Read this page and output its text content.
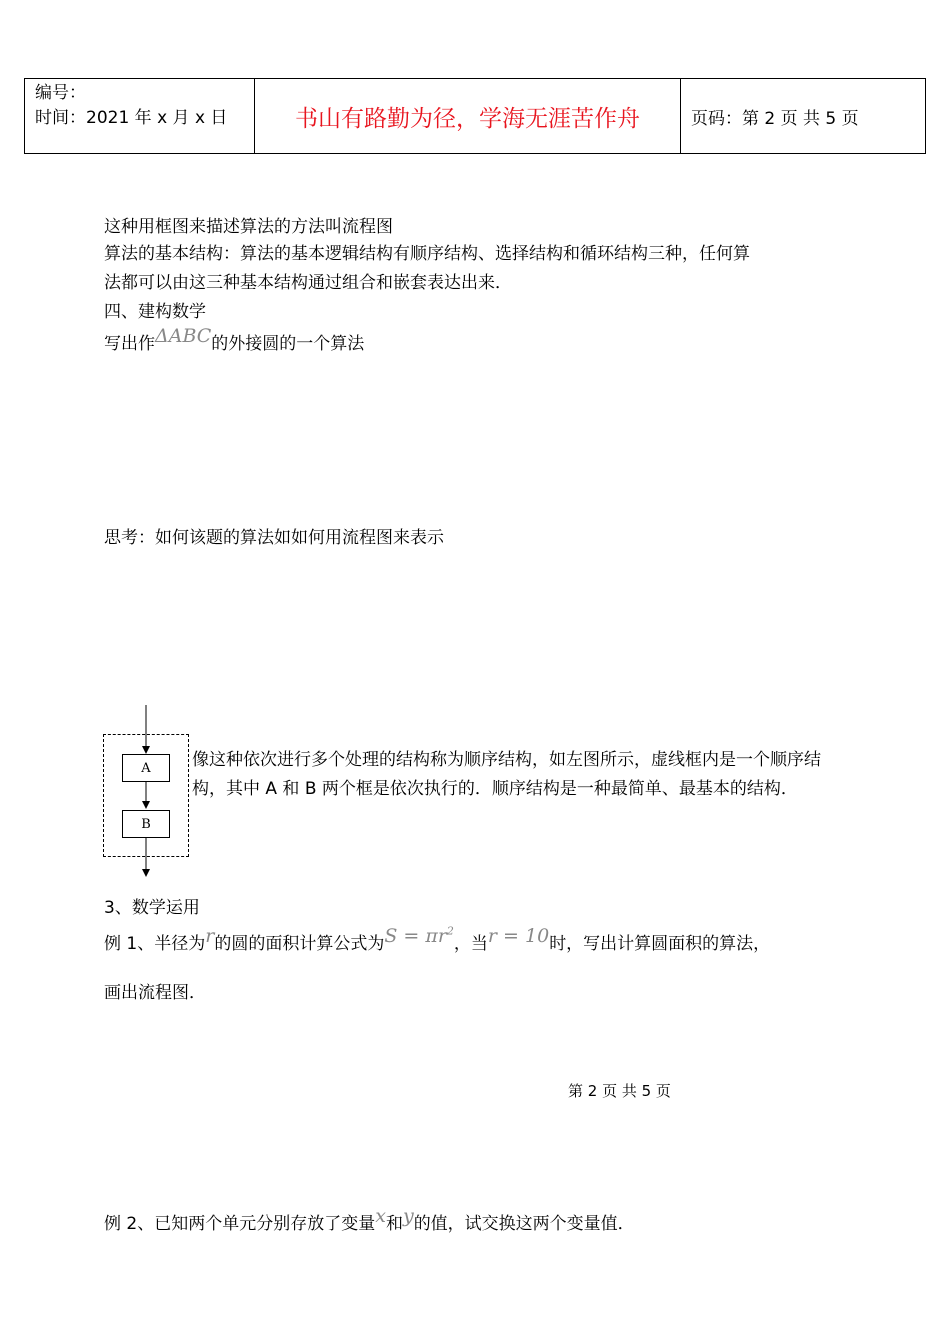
编号：
时间：2021 年 x 月 x 日	书山有路勤为径，学海无涯苦作舟	页码：第 2 页 共 5 页
这种用框图来描述算法的方法叫流程图
算法的基本结构：算法的基本逻辑结构有顺序结构、选择结构和循环结构三种，任何算
法都可以由这三种基本结构通过组合和嵌套表达出来．
四、建构数学
写出作ΔABC的外接圆的一个算法
思考：如何该题的算法如如何用流程图来表示
A
B
像这种依次进行多个处理的结构称为顺序结构，如左图所示，虚线框内是一个顺序结构，其中 A 和 B 两个框是依次执行的．顺序结构是一种最简单、最基本的结构．
3、数学运用
例 1、半径为r的圆的面积计算公式为$S = \pi r^2$，当r = 10时，写出计算圆面积的算法，
画出流程图．
第 2 页 共 5 页
例 2、已知两个单元分别存放了变量x和y的值，试交换这两个变量值．
